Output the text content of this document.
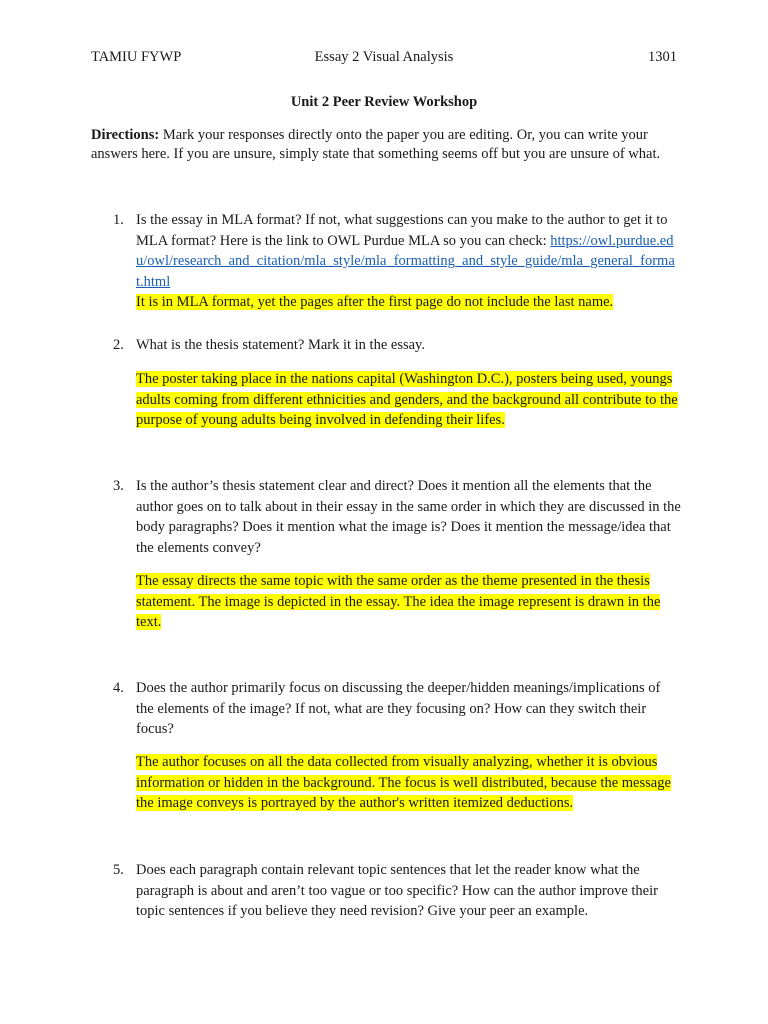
TAMIU FYWP	Essay 2 Visual Analysis	1301
Unit 2 Peer Review Workshop
Directions: Mark your responses directly onto the paper you are editing. Or, you can write your answers here. If you are unsure, simply state that something seems off but you are unsure of what.
1. Is the essay in MLA format? If not, what suggestions can you make to the author to get it to MLA format? Here is the link to OWL Purdue MLA so you can check: https://owl.purdue.edu/owl/research_and_citation/mla_style/mla_formatting_and_style_guide/mla_general_format.html
It is in MLA format, yet the pages after the first page do not include the last name.
2. What is the thesis statement? Mark it in the essay.
The poster taking place in the nations capital (Washington D.C.), posters being used, youngs adults coming from different ethnicities and genders, and the background all contribute to the purpose of young adults being involved in defending their lifes.
3. Is the author’s thesis statement clear and direct? Does it mention all the elements that the author goes on to talk about in their essay in the same order in which they are discussed in the body paragraphs? Does it mention what the image is? Does it mention the message/idea that the elements convey?
The essay directs the same topic with the same order as the theme presented in the thesis statement. The image is depicted in the essay. The idea the image represent is drawn in the text.
4. Does the author primarily focus on discussing the deeper/hidden meanings/implications of the elements of the image? If not, what are they focusing on? How can they switch their focus?
The author focuses on all the data collected from visually analyzing, whether it is obvious information or hidden in the background. The focus is well distributed, because the message the image conveys is portrayed by the author's written itemized deductions.
5. Does each paragraph contain relevant topic sentences that let the reader know what the paragraph is about and aren’t too vague or too specific? How can the author improve their topic sentences if you believe they need revision? Give your peer an example.
